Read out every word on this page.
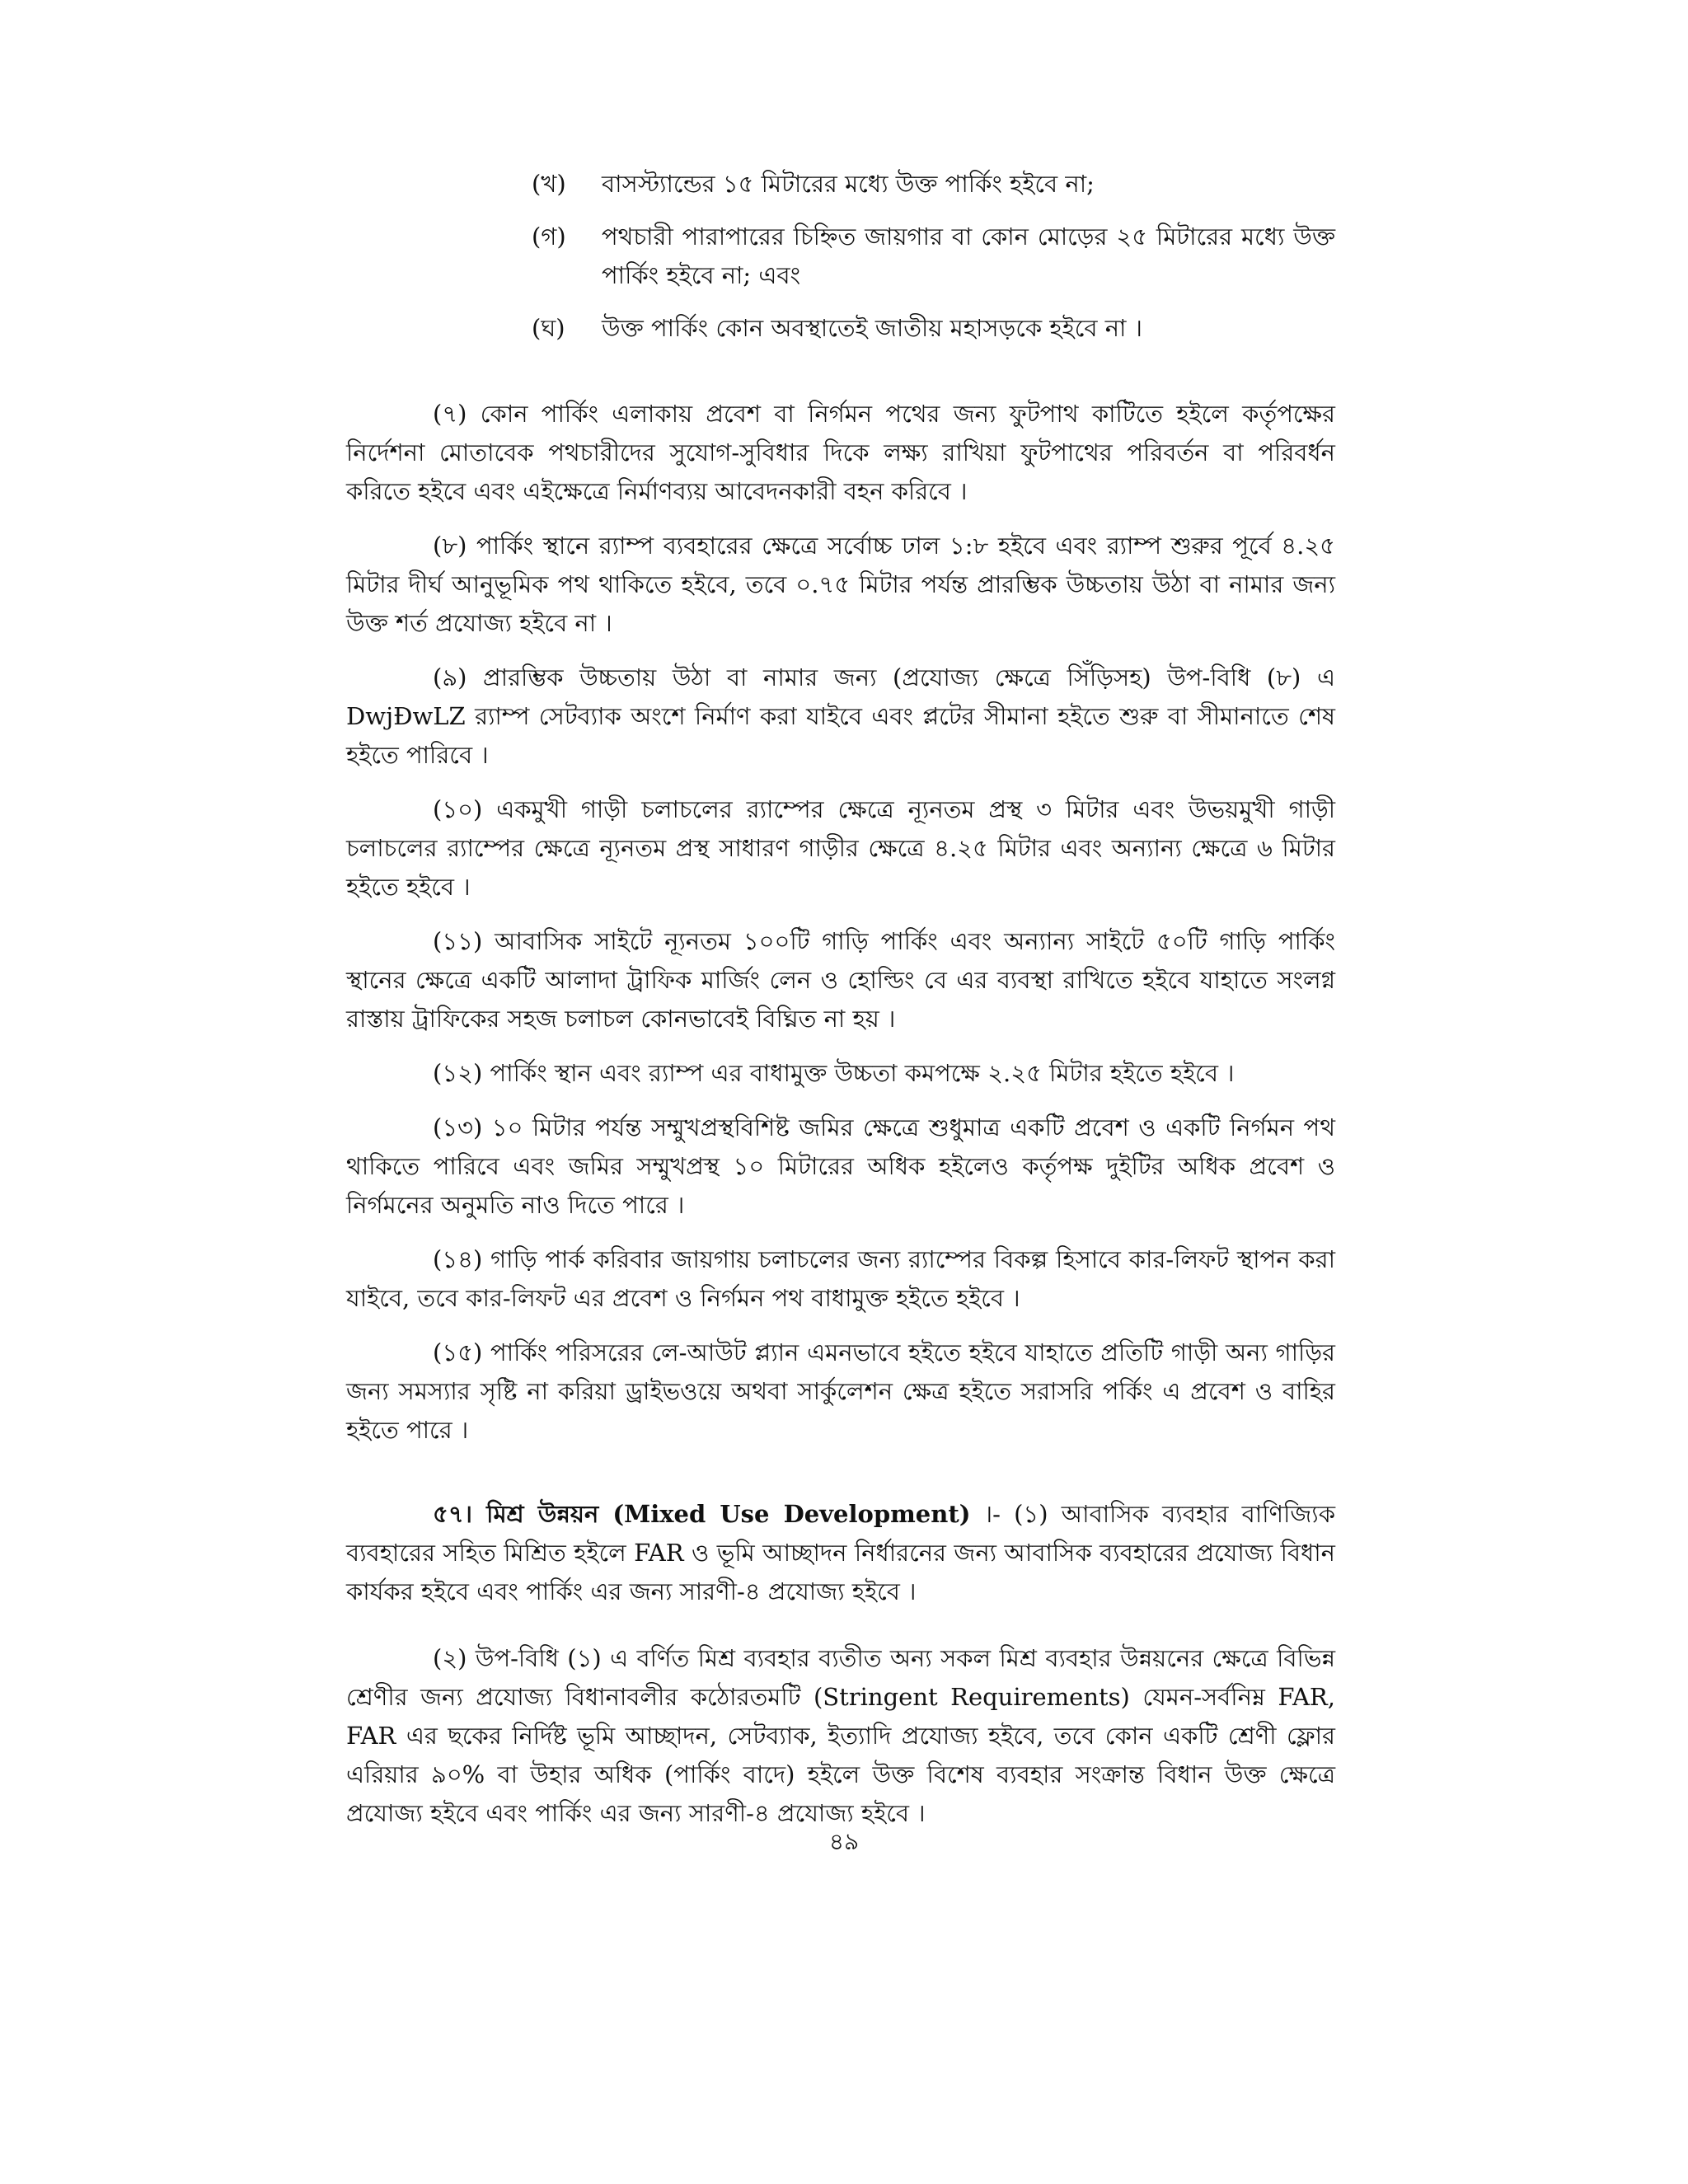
(খ)	বাসস্ট্যান্ডের ১৫ মিটারের মধ্যে উক্ত পার্কিং হইবে না;
(গ)	পথচারী পারাপারের চিহ্নিত জায়গার বা কোন মোড়ের ২৫ মিটারের মধ্যে উক্ত পার্কিং হইবে না; এবং
(ঘ)	উক্ত পার্কিং কোন অবস্থাতেই জাতীয় মহাসড়কে হইবে না ।

(৭) কোন পার্কিং এলাকায় প্রবেশ বা নির্গমন পথের জন্য ফুটপাথ কাটিতে হইলে কর্তৃপক্ষের নির্দেশনা মোতাবেক পথচারীদের সুযোগ-সুবিধার দিকে লক্ষ্য রাখিয়া ফুটপাথের পরিবর্তন বা পরিবর্ধন করিতে হইবে এবং এইক্ষেত্রে নির্মাণব্যয় আবেদনকারী বহন করিবে ।

(৮) পার্কিং স্থানে র‌্যাম্প ব্যবহারের ক্ষেত্রে সর্বোচ্চ ঢাল ১:৮ হইবে এবং র‌্যাম্প শুরুর পূর্বে ৪.২৫ মিটার দীর্ঘ আনুভূমিক পথ থাকিতে হইবে, তবে ০.৭৫ মিটার পর্যন্ত প্রারম্ভিক উচ্চতায় উঠা বা নামার জন্য উক্ত শর্ত প্রযোজ্য হইবে না ।

(৯) প্রারম্ভিক উচ্চতায় উঠা বা নামার জন্য (প্রযোজ্য ক্ষেত্রে সিঁড়িসহ) উপ-বিধি (৮) এ DwjÐwLZ র‌্যাম্প সেটব্যাক অংশে নির্মাণ করা যাইবে এবং প্লটের সীমানা হইতে শুরু বা সীমানাতে শেষ হইতে পারিবে ।

(১০) একমুখী গাড়ী চলাচলের র‌্যাম্পের ক্ষেত্রে ন্যূনতম প্রস্থ ৩ মিটার এবং উভয়মুখী গাড়ী চলাচলের র‌্যাম্পের ক্ষেত্রে ন্যূনতম প্রস্থ সাধারণ গাড়ীর ক্ষেত্রে ৪.২৫ মিটার এবং অন্যান্য ক্ষেত্রে ৬ মিটার হইতে হইবে ।

(১১) আবাসিক সাইটে ন্যূনতম ১০০টি গাড়ি পার্কিং এবং অন্যান্য সাইটে ৫০টি গাড়ি পার্কিং স্থানের ক্ষেত্রে একটি আলাদা ট্রাফিক মার্জিং লেন ও হোল্ডিং বে এর ব্যবস্থা রাখিতে হইবে যাহাতে সংলগ্ন রাস্তায় ট্রাফিকের সহজ চলাচল কোনভাবেই বিঘ্নিত না হয় ।

(১২) পার্কিং স্থান এবং র‌্যাম্প এর বাধামুক্ত উচ্চতা কমপক্ষে ২.২৫ মিটার হইতে হইবে ।

(১৩) ১০ মিটার পর্যন্ত সম্মুখপ্রস্থবিশিষ্ট জমির ক্ষেত্রে শুধুমাত্র একটি প্রবেশ ও একটি নির্গমন পথ থাকিতে পারিবে এবং জমির সম্মুখপ্রস্থ ১০ মিটারের অধিক হইলেও কর্তৃপক্ষ দুইটির অধিক প্রবেশ ও নির্গমনের অনুমতি নাও দিতে পারে ।

(১৪) গাড়ি পার্ক করিবার জায়গায় চলাচলের জন্য র‌্যাম্পের বিকল্প হিসাবে কার-লিফট স্থাপন করা যাইবে, তবে কার-লিফট এর প্রবেশ ও নির্গমন পথ বাধামুক্ত হইতে হইবে ।

(১৫) পার্কিং পরিসরের লে-আউট প্ল্যান এমনভাবে হইতে হইবে যাহাতে প্রতিটি গাড়ী অন্য গাড়ির জন্য সমস্যার সৃষ্টি না করিয়া ড্রাইভওয়ে অথবা সার্কুলেশন ক্ষেত্র হইতে সরাসরি পর্কিং এ প্রবেশ ও বাহির হইতে পারে ।

৫৭। মিশ্র উন্নয়ন (Mixed Use Development) ।- (১) আবাসিক ব্যবহার বাণিজ্যিক ব্যবহারের সহিত মিশ্রিত হইলে FAR ও ভূমি আচ্ছাদন নির্ধারনের জন্য আবাসিক ব্যবহারের প্রযোজ্য বিধান কার্যকর হইবে এবং পার্কিং এর জন্য সারণী-৪ প্রযোজ্য হইবে ।

(২) উপ-বিধি (১) এ বর্ণিত মিশ্র ব্যবহার ব্যতীত অন্য সকল মিশ্র ব্যবহার উন্নয়নের ক্ষেত্রে বিভিন্ন শ্রেণীর জন্য প্রযোজ্য বিধানাবলীর কঠোরতমটি (Stringent Requirements) যেমন-সর্বনিম্ন FAR, FAR এর ছকের নির্দিষ্ট ভূমি আচ্ছাদন, সেটব্যাক, ইত্যাদি প্রযোজ্য হইবে, তবে কোন একটি শ্রেণী ফ্লোর এরিয়ার ৯০% বা উহার অধিক (পার্কিং বাদে) হইলে উক্ত বিশেষ ব্যবহার সংক্রান্ত বিধান উক্ত ক্ষেত্রে প্রযোজ্য হইবে এবং পার্কিং এর জন্য সারণী-৪ প্রযোজ্য হইবে ।

৪৯
